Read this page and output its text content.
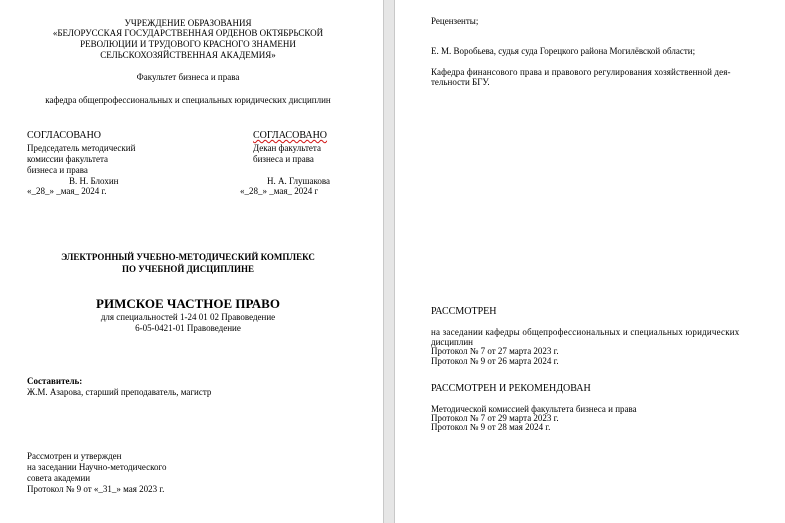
УЧРЕЖДЕНИЕ ОБРАЗОВАНИЯ
«БЕЛОРУССКАЯ ГОСУДАРСТВЕННАЯ ОРДЕНОВ ОКТЯБРЬСКОЙ
РЕВОЛЮЦИИ И ТРУДОВОГО КРАСНОГО ЗНАМЕНИ
СЕЛЬСКОХОЗЯЙСТВЕННАЯ АКАДЕМИЯ»
Факультет бизнеса и права
кафедра общепрофессиональных и специальных юридических дисциплин
СОГЛАСОВАНО
Председатель методический
комиссии факультета
бизнеса и права
В. Н. Блохин
«_28_» _мая_ 2024 г.
СОГЛАСОВАНО
Декан факультета
бизнеса и права
Н. А. Глушакова
«_28_» _мая_ 2024 г
ЭЛЕКТРОННЫЙ УЧЕБНО-МЕТОДИЧЕСКИЙ КОМПЛЕКС
ПО УЧЕБНОЙ ДИСЦИПЛИНЕ
РИМСКОЕ ЧАСТНОЕ ПРАВО
для специальностей 1-24 01 02 Правоведение
6-05-0421-01 Правоведение
Составитель:
Ж.М. Азарова, старший преподаватель, магистр
Рассмотрен и утвержден
на заседании Научно-методического
совета академии
Протокол № 9 от «_31_» мая 2023 г.
Рецензенты;
Е. М. Воробьева, судья суда Горецкого района Могилёвской области;
Кафедра финансового права и правового регулирования хозяйственной дея-
тельности БГУ.
РАССМОТРЕН
на заседании кафедры общепрофессиональных и специальных юридических
дисциплин
Протокол № 7 от 27 марта 2023 г.
Протокол № 9 от 26 марта 2024 г.
РАССМОТРЕН И РЕКОМЕНДОВАН
Методической комиссией факультета бизнеса и права
Протокол № 7 от 29 марта 2023 г.
Протокол № 9 от 28 мая 2024 г.
